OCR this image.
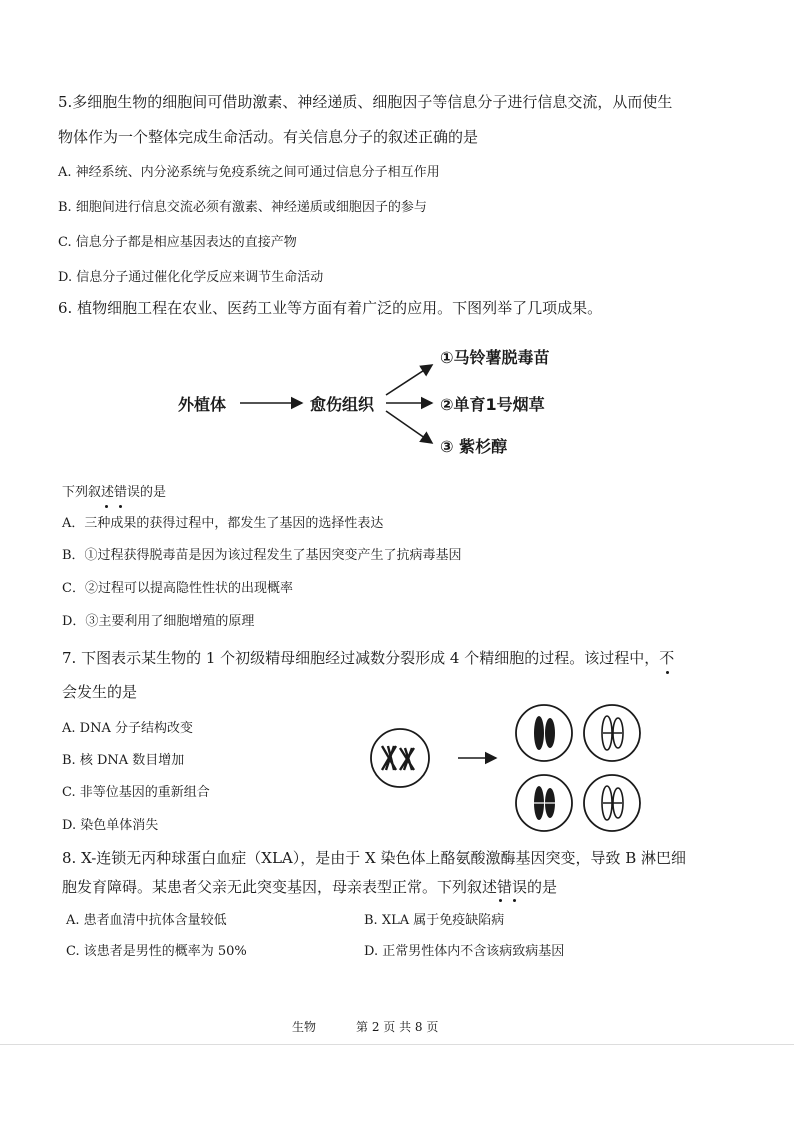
5.多细胞生物的细胞间可借助激素、神经递质、细胞因子等信息分子进行信息交流，从而使生
物体作为一个整体完成生命活动。有关信息分子的叙述正确的是
A. 神经系统、内分泌系统与免疫系统之间可通过信息分子相互作用
B. 细胞间进行信息交流必须有激素、神经递质或细胞因子的参与
C. 信息分子都是相应基因表达的直接产物
D. 信息分子通过催化化学反应来调节生命活动
6. 植物细胞工程在农业、医药工业等方面有着广泛的应用。下图列举了几项成果。
外植体	愈伤组织
①马铃薯脱毒苗
②单育1号烟草
③ 紫杉醇
下列叙述错误的是
A．三种成果的获得过程中，都发生了基因的选择性表达
B．①过程获得脱毒苗是因为该过程发生了基因突变产生了抗病毒基因
C．②过程可以提高隐性性状的出现概率
D．③主要利用了细胞增殖的原理
7. 下图表示某生物的 1 个初级精母细胞经过减数分裂形成 4 个精细胞的过程。该过程中，不
会发生的是
A. DNA 分子结构改变
B. 核 DNA 数目增加
C. 非等位基因的重新组合
D. 染色单体消失
8. X-连锁无丙种球蛋白血症（XLA），是由于 X 染色体上酪氨酸激酶基因突变，导致 B 淋巴细
胞发育障碍。某患者父亲无此突变基因，母亲表型正常。下列叙述错误的是
A. 患者血清中抗体含量较低	B. XLA 属于免疫缺陷病
C. 该患者是男性的概率为 50%	D. 正常男性体内不含该病致病基因
生物	第 2 页 共 8 页
